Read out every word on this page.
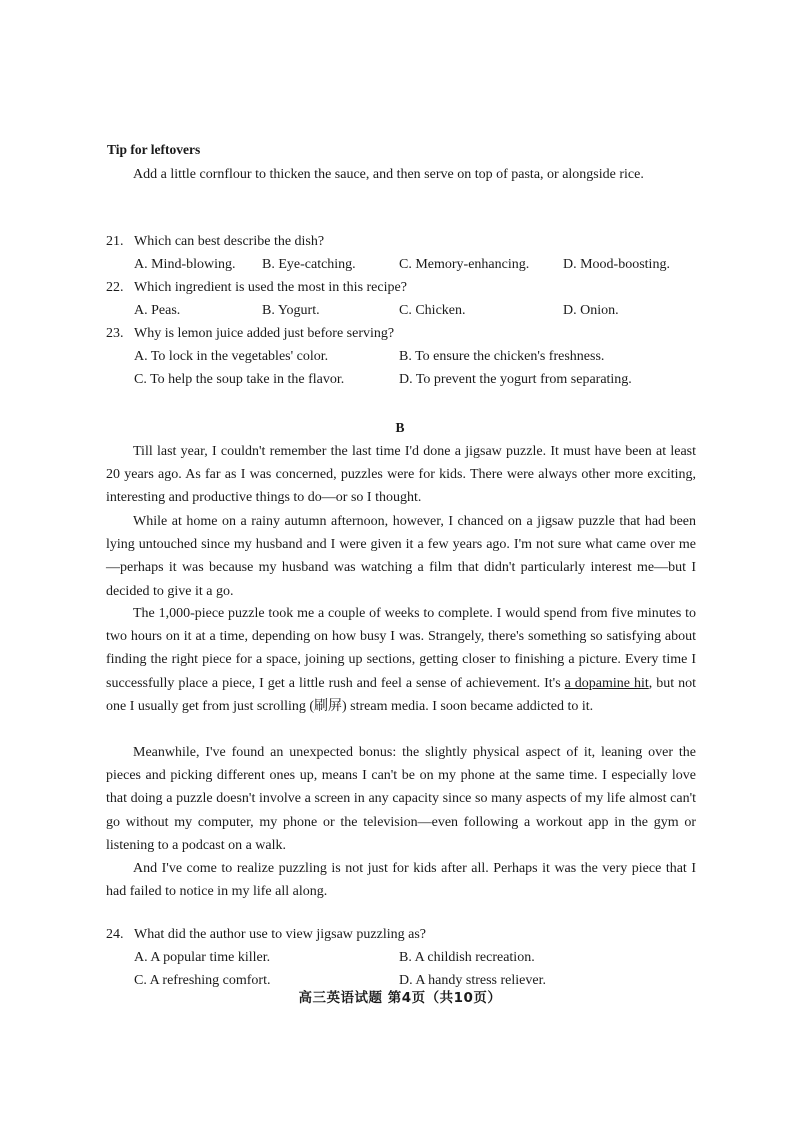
Tip for leftovers
Add a little cornflour to thicken the sauce, and then serve on top of pasta, or alongside rice.
21. Which can best describe the dish?
A. Mind-blowing. B. Eye-catching.	C. Memory-enhancing. D. Mood-boosting.
22. Which ingredient is used the most in this recipe?
A. Peas.	B. Yogurt.	C. Chicken.	D. Onion.
23. Why is lemon juice added just before serving?
A. To lock in the vegetables' color.	B. To ensure the chicken's freshness.
C. To help the soup take in the flavor.	D. To prevent the yogurt from separating.
B

Till last year, I couldn't remember the last time I'd done a jigsaw puzzle. It must have been at least 20 years ago. As far as I was concerned, puzzles were for kids. There were always other more exciting, interesting and productive things to do—or so I thought.

While at home on a rainy autumn afternoon, however, I chanced on a jigsaw puzzle that had been lying untouched since my husband and I were given it a few years ago. I'm not sure what came over me—perhaps it was because my husband was watching a film that didn't particularly interest me—but I decided to give it a go.

The 1,000-piece puzzle took me a couple of weeks to complete. I would spend from five minutes to two hours on it at a time, depending on how busy I was. Strangely, there's something so satisfying about finding the right piece for a space, joining up sections, getting closer to finishing a picture. Every time I successfully place a piece, I get a little rush and feel a sense of achievement. It's a dopamine hit, but not one I usually get from just scrolling (刷屏) stream media. I soon became addicted to it.

Meanwhile, I've found an unexpected bonus: the slightly physical aspect of it, leaning over the pieces and picking different ones up, means I can't be on my phone at the same time. I especially love that doing a puzzle doesn't involve a screen in any capacity since so many aspects of my life almost can't go without my computer, my phone or the television—even following a workout app in the gym or listening to a podcast on a walk.

And I've come to realize puzzling is not just for kids after all. Perhaps it was the very piece that I had failed to notice in my life all along.

24. What did the author use to view jigsaw puzzling as?
A. A popular time killer.	B. A childish recreation.
C. A refreshing comfort.	D. A handy stress reliever.
高三英语试题 第4页（共10页）
